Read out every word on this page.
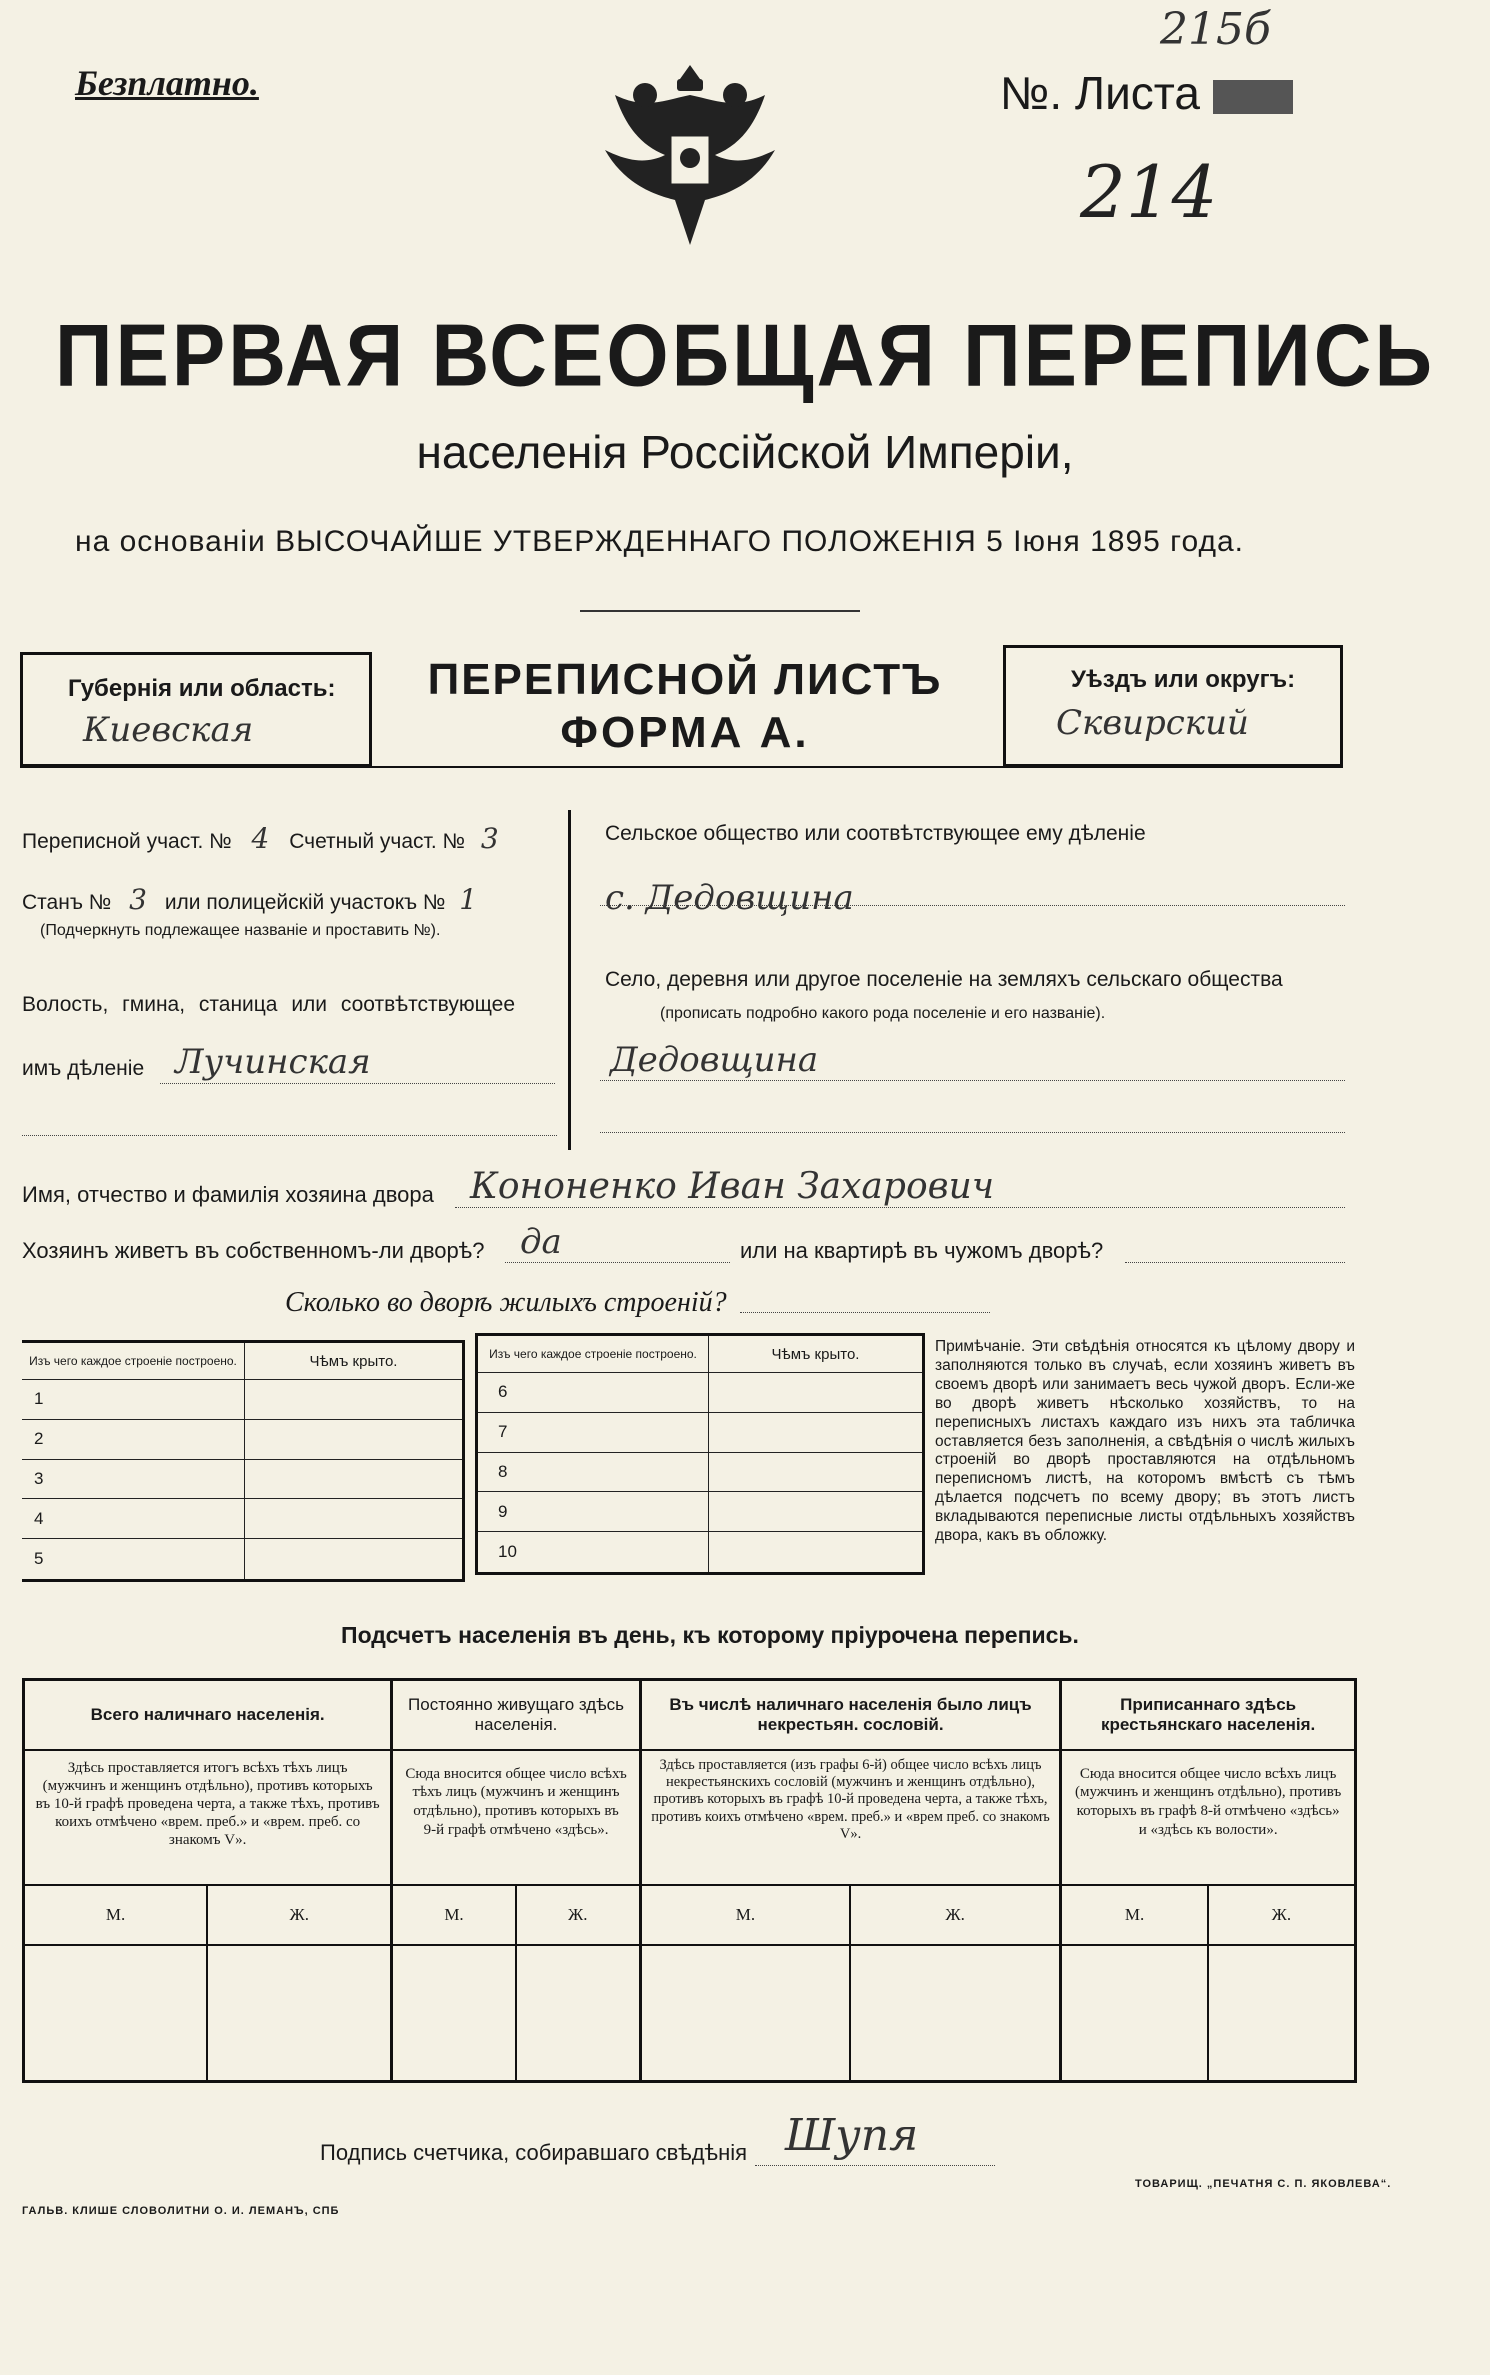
Безплатно.
215б
№. Листа
214
ПЕРВАЯ ВСЕОБЩАЯ ПЕРЕПИСЬ
населенія Россійской Имперіи,
на основаніи ВЫСОЧАЙШЕ УТВЕРЖДЕННАГО ПОЛОЖЕНІЯ 5 Іюня 1895 года.
Губернія или область:
Киевская
ПЕРЕПИСНОЙ ЛИСТЪ
ФОРМА А.
Уѣздъ или округъ:
Сквирский
Переписной участ. № 4 Счетный участ. № 3
Станъ № 3 или полицейскій участокъ № 1
(Подчеркнуть подлежащее названіе и проставить №).
Волость, гмина, станица или соотвѣтствующее
имъ дѣленіе Лучинская
Сельское общество или соотвѣтствующее ему дѣленіе
с. Дедовщина
Село, деревня или другое поселеніе на земляхъ сельскаго общества
(прописать подробно какого рода поселеніе и его названіе).
Дедовщина
Имя, отчество и фамилія хозяина двора Кононенко Иван Захарович
Хозяинъ живетъ въ собственномъ-ли дворѣ? да	или на квартирѣ въ чужомъ дворѣ?
Сколько во дворѣ жилыхъ строеній?
Изъ чего каждое строеніе построено.	Чѣмъ крыто.
1	
2	
3	
4	
5	
Изъ чего каждое строеніе построено.	Чѣмъ крыто.
6	
7	
8	
9	
10	
Примѣчаніе. Эти свѣдѣнія относятся къ цѣлому двору и заполняются только въ случаѣ, если хозяинъ живетъ въ своемъ дворѣ или занимаетъ весь чужой дворъ. Если-же во дворѣ живетъ нѣсколько хозяйствъ, то на переписныхъ листахъ каждаго изъ нихъ эта табличка оставляется безъ заполненія, а свѣдѣнія о числѣ жилыхъ строеній во дворѣ проставляются на отдѣльномъ переписномъ листѣ, на которомъ вмѣстѣ съ тѣмъ дѣлается подсчетъ по всему двору; въ этотъ листъ вкладываются переписные листы отдѣльныхъ хозяйствъ двора, какъ въ обложку.
Подсчетъ населенія въ день, къ которому пріурочена перепись.
Всего наличнаго населенія.		Постоянно живущаго здѣсь населенія.		Въ числѣ наличнаго населенія было лицъ некрестьян. сословій.		Приписаннаго здѣсь крестьянскаго населенія.	
Здѣсь проставляется итогъ всѣхъ тѣхъ лицъ (мужчинъ и женщинъ отдѣльно), противъ которыхъ въ 10-й графѣ проведена черта, а также тѣхъ, противъ коихъ отмѣчено «врем. преб.» и «врем. преб. со знакомъ V».		Сюда вносится общее число всѣхъ тѣхъ лицъ (мужчинъ и женщинъ отдѣльно), противъ которыхъ въ 9-й графѣ отмѣчено «здѣсь».		Здѣсь проставляется (изъ графы 6-й) общее число всѣхъ лицъ некрестьянскихъ сословій (мужчинъ и женщинъ отдѣльно), противъ которыхъ въ графѣ 10-й проведена черта, а также тѣхъ, противъ коихъ отмѣчено «врем. преб.» и «врем преб. со знакомъ V».		Сюда вносится общее число всѣхъ лицъ (мужчинъ и женщинъ отдѣльно), противъ которыхъ въ графѣ 8-й отмѣчено «здѣсь» и «здѣсь къ волости».	
М.	Ж.	М.	Ж.	М.	Ж.	М.	Ж.

Подпись счетчика, собиравшаго свѣдѣнія Шупя
ГАЛЬВ. КЛИШЕ СЛОВОЛИТНИ О. И. ЛЕМАНЪ, СПБ
ТОВАРИЩ. „ПЕЧАТНЯ С. П. ЯКОВЛЕВА“.
